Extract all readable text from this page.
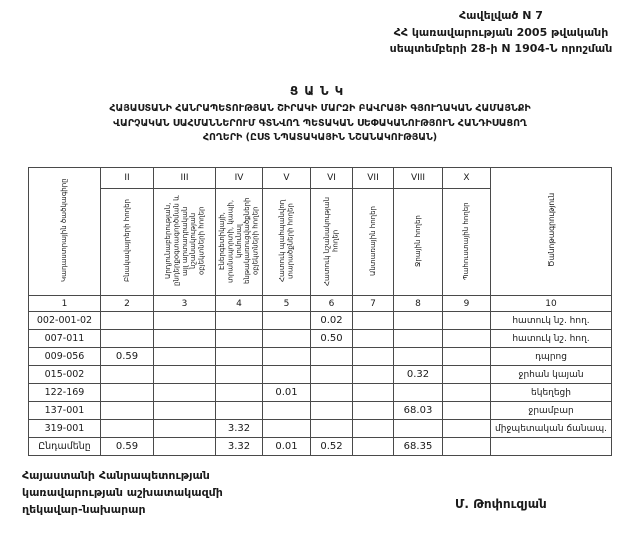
Հավելված N 7
ՀՀ կառավարության 2005 թվականի
սեպտեմբերի 28-ի N 1904-Ն որոշման
ՑԱՆԿ
ՀԱՅԱՍՏԱՆԻ ՀԱՆՐԱՊԵՏՈՒԹՅԱՆ ՇԻՐԱԿԻ ՄԱՐԶԻ ԲԱՎՐԱՅԻ ԳՅՈՒՂԱԿԱՆ ՀԱՄԱՅՆՔԻ
ՎԱՐՉԱԿԱՆ ՍԱՀՄԱՆՆԵՐՈՒՄ ԳՏՆՎՈՂ ՊԵՏԱԿԱՆ ՍԵՓԱԿԱՆՈՒԹՅՈՒՆ ՀԱՆԴԻՍԱՑՈՂ
ՀՈՂԵՐԻ (ԸՍՏ ՆՊԱՏԱԿԱՅԻՆ ՆՇԱՆԱԿՈՒԹՅԱՆ)
Կադաստրային ծածկագիրը	II	III	IV	V	VI	VII	VIII	X	Ծանոթագրություն
	Բնակավայրերի հողեր	Արդյունաբերության, ընդերքօգտագործման և այլ արտադրական նշանակության օբյեկտների հողեր	Էներգետիկայի, տրանսպորտի, կապի, կոմունալ ենթակառուցվածքների օբյեկտների հողեր	Հատուկ պահպանվող տարածքների հողեր	Հատուկ նշանակության հողեր	Անտառային հողեր	Ջրային հողեր	Պահուստային հողեր	
1	2	3	4	5	6	7	8	9	10
002-001-02					0.02				հատուկ նշ. հող.
007-011					0.50				հատուկ նշ. հող.
009-056	0.59								դպրոց
015-002							0.32		ջրհան կայան
122-169				0.01					եկեղեցի
137-001							68.03		ջրամբար
319-001			3.32						միջպետական ճանապ.
Ընդամենը	0.59		3.32	0.01	0.52		68.35		
Հայաստանի Հանրապետության
կառավարության աշխատակազմի
ղեկավար-նախարար	Մ. Թոփուզյան
